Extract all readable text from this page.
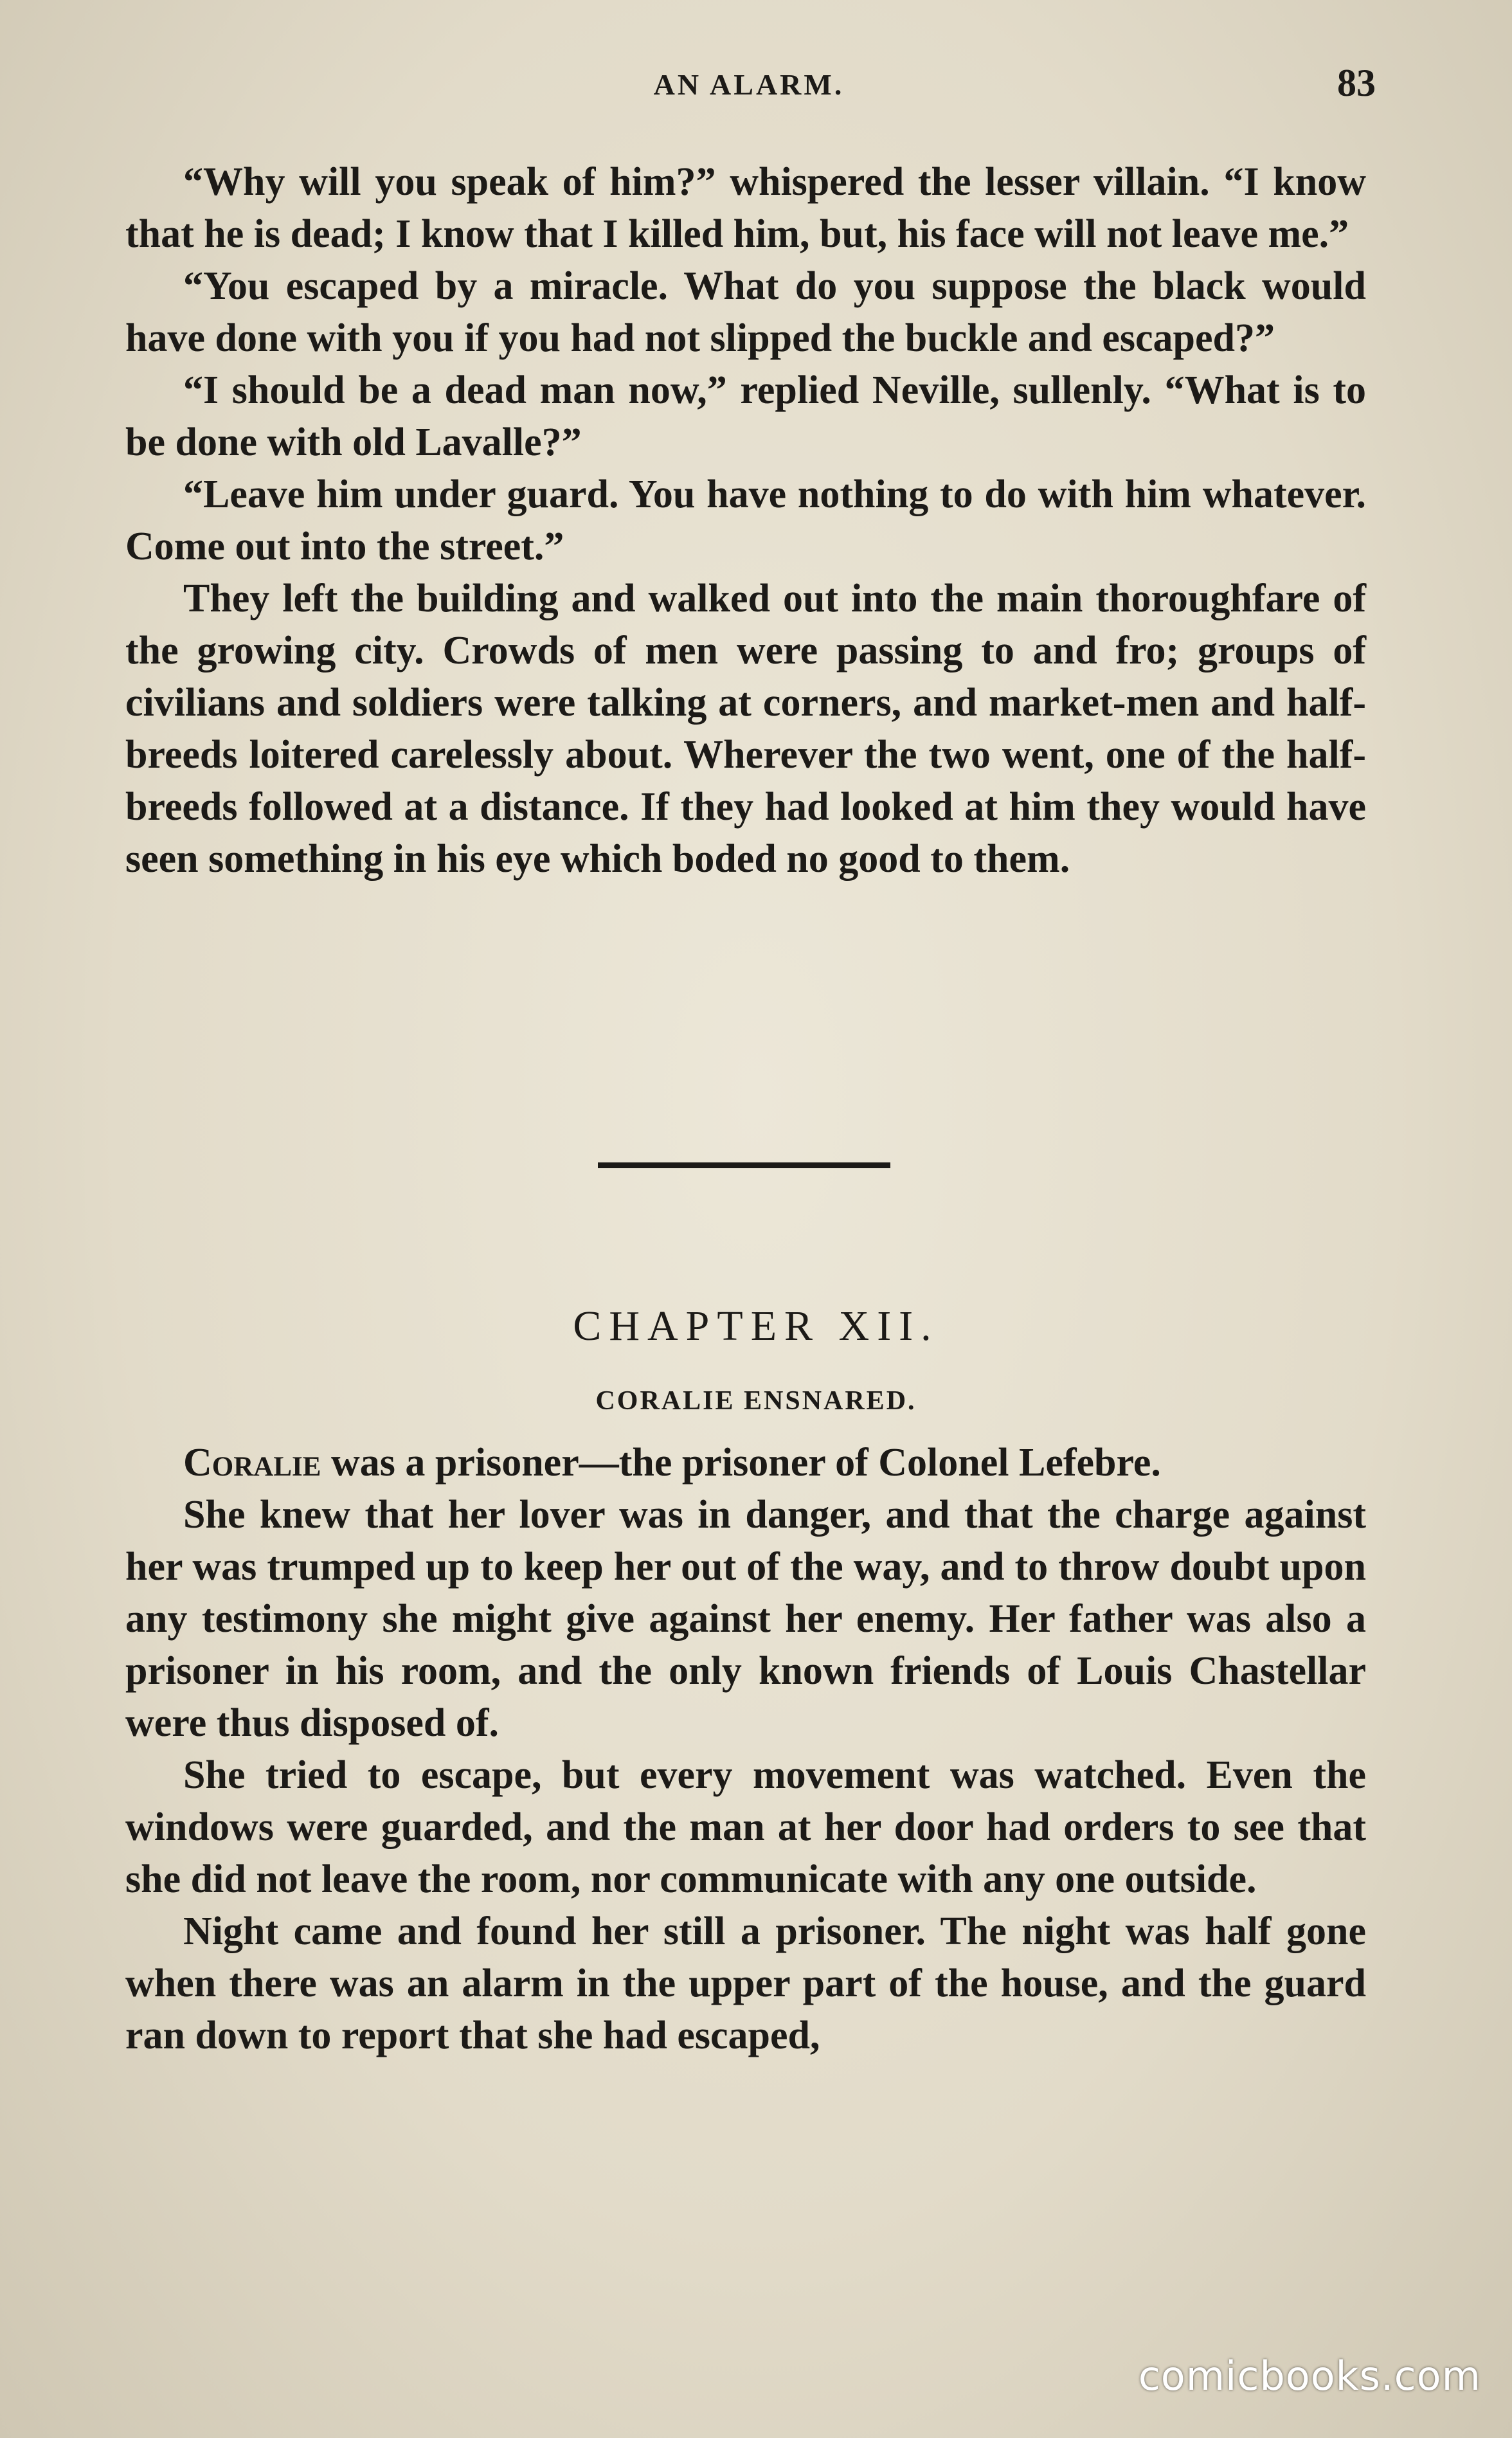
AN ALARM.	83

“Why will you speak of him?” whispered the lesser villain. “I know that he is dead; I know that I killed him, but, his face will not leave me.”

“You escaped by a miracle. What do you suppose the black would have done with you if you had not slipped the buckle and escaped?”

“I should be a dead man now,” replied Neville, sullenly. “What is to be done with old Lavalle?”

“Leave him under guard. You have nothing to do with him whatever. Come out into the street.”

They left the building and walked out into the main thoroughfare of the growing city. Crowds of men were passing to and fro; groups of civilians and soldiers were talking at corners, and market-men and half-breeds loitered carelessly about. Wherever the two went, one of the half-breeds followed at a distance. If they had looked at him they would have seen something in his eye which boded no good to them.

CHAPTER XII.
CORALIE ENSNARED.

Coralie was a prisoner—the prisoner of Colonel Lefebre.

She knew that her lover was in danger, and that the charge against her was trumped up to keep her out of the way, and to throw doubt upon any testimony she might give against her enemy. Her father was also a prisoner in his room, and the only known friends of Louis Chastellar were thus disposed of.

She tried to escape, but every movement was watched. Even the windows were guarded, and the man at her door had orders to see that she did not leave the room, nor communicate with any one outside.

Night came and found her still a prisoner. The night was half gone when there was an alarm in the upper part of the house, and the guard ran down to report that she had escaped,

comicbooks.com
